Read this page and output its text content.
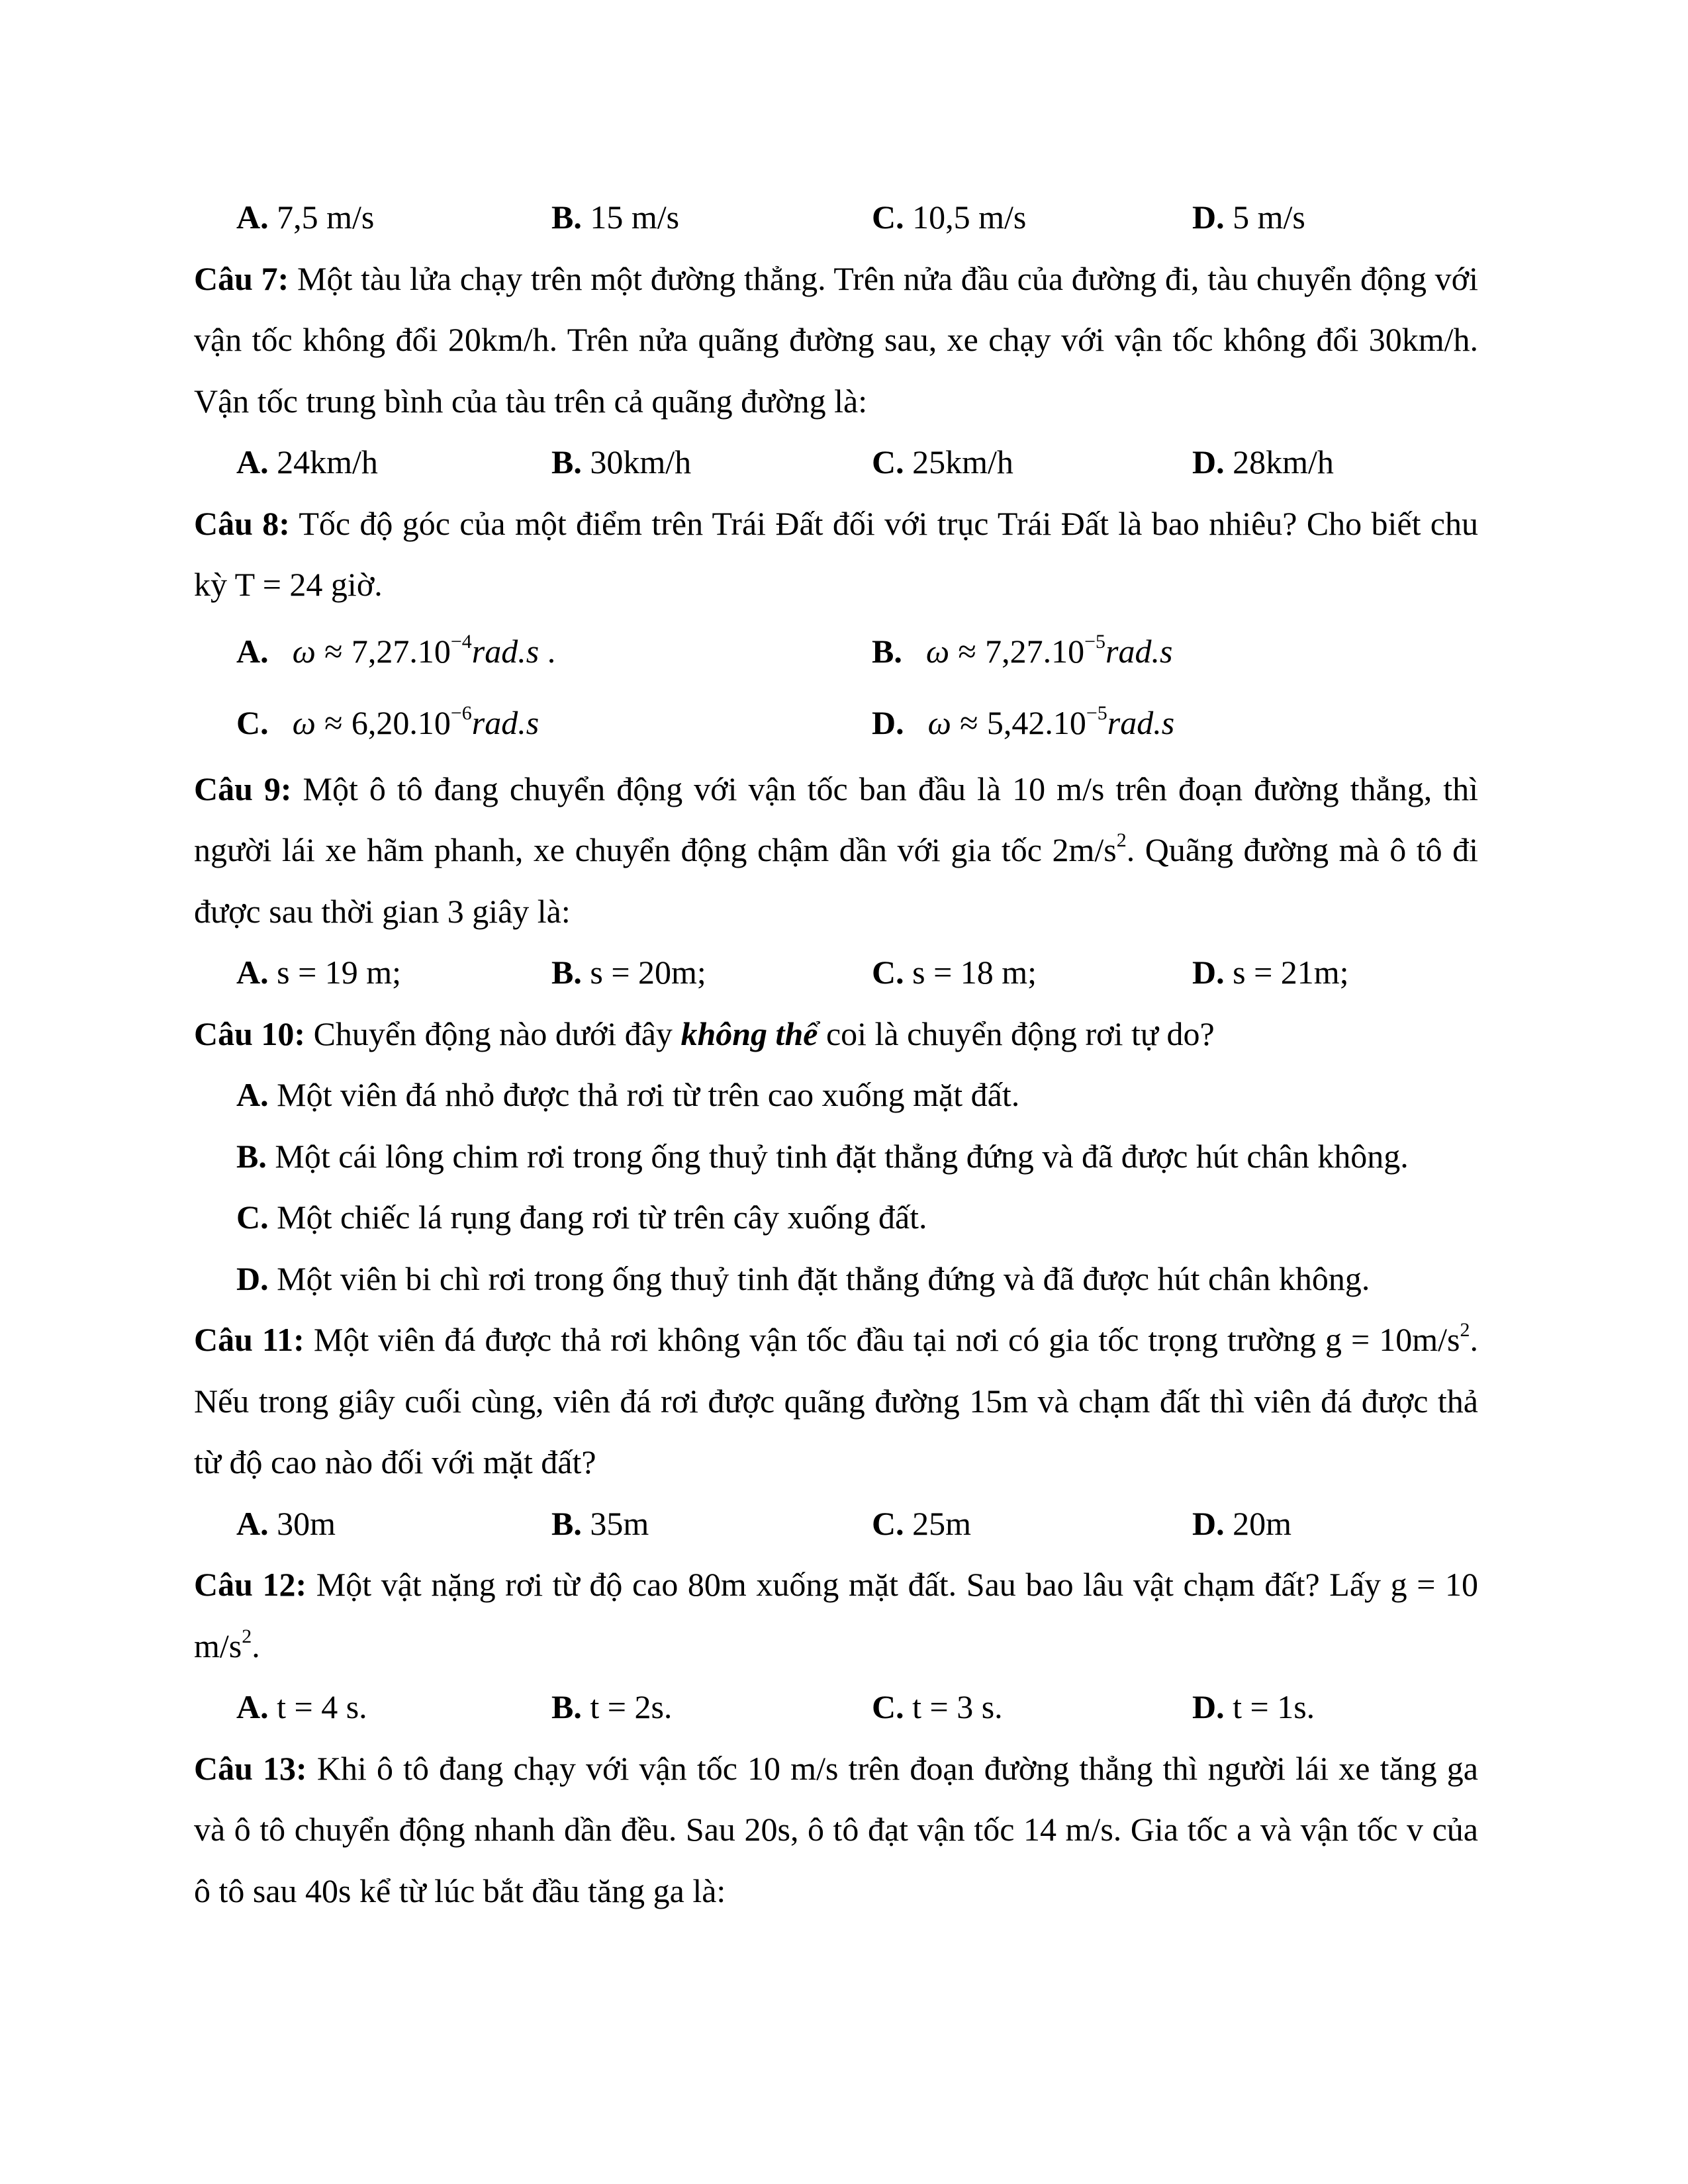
A. 7,5 m/s	B. 15 m/s	C. 10,5 m/s	D. 5 m/s

Câu 7: Một tàu lửa chạy trên một đường thẳng. Trên nửa đầu của đường đi, tàu chuyển động với vận tốc không đổi 20km/h. Trên nửa quãng đường sau, xe chạy với vận tốc không đổi 30km/h. Vận tốc trung bình của tàu trên cả quãng đường là:

A. 24km/h	B. 30km/h	C. 25km/h	D. 28km/h

Câu 8: Tốc độ góc của một điểm trên Trái Đất đối với trục Trái Đất là bao nhiêu? Cho biết chu kỳ T = 24 giờ.

A. $\omega \approx 7,27.10^{-4}rad.s$ .	B. $\omega \approx 7,27.10^{-5}rad.s$
C. $\omega \approx 6,20.10^{-6}rad.s$	D. $\omega \approx 5,42.10^{-5}rad.s$

Câu 9: Một ô tô đang chuyển động với vận tốc ban đầu là 10 m/s trên đoạn đường thẳng, thì người lái xe hãm phanh, xe chuyển động chậm dần với gia tốc $2m/s^2$. Quãng đường mà ô tô đi được sau thời gian 3 giây là:

A. s = 19 m;	B. s = 20m;	C. s = 18 m;	D. s = 21m;

Câu 10: Chuyển động nào dưới đây không thể coi là chuyển động rơi tự do?

A. Một viên đá nhỏ được thả rơi từ trên cao xuống mặt đất.

B. Một cái lông chim rơi trong ống thuỷ tinh đặt thẳng đứng và đã được hút chân không.

C. Một chiếc lá rụng đang rơi từ trên cây xuống đất.

D. Một viên bi chì rơi trong ống thuỷ tinh đặt thẳng đứng và đã được hút chân không.

Câu 11: Một viên đá được thả rơi không vận tốc đầu tại nơi có gia tốc trọng trường $g = 10m/s^2$. Nếu trong giây cuối cùng, viên đá rơi được quãng đường 15m và chạm đất thì viên đá được thả từ độ cao nào đối với mặt đất?

A. 30m	B. 35m	C. 25m	D. 20m

Câu 12: Một vật nặng rơi từ độ cao 80m xuống mặt đất. Sau bao lâu vật chạm đất? Lấy g = 10 $m/s^2$.

A. t = 4 s.	B. t = 2s.	C. t = 3 s.	D. t = 1s.

Câu 13: Khi ô tô đang chạy với vận tốc 10 m/s trên đoạn đường thẳng thì người lái xe tăng ga và ô tô chuyển động nhanh dần đều. Sau 20s, ô tô đạt vận tốc 14 m/s. Gia tốc a và vận tốc v của ô tô sau 40s kể từ lúc bắt đầu tăng ga là:
